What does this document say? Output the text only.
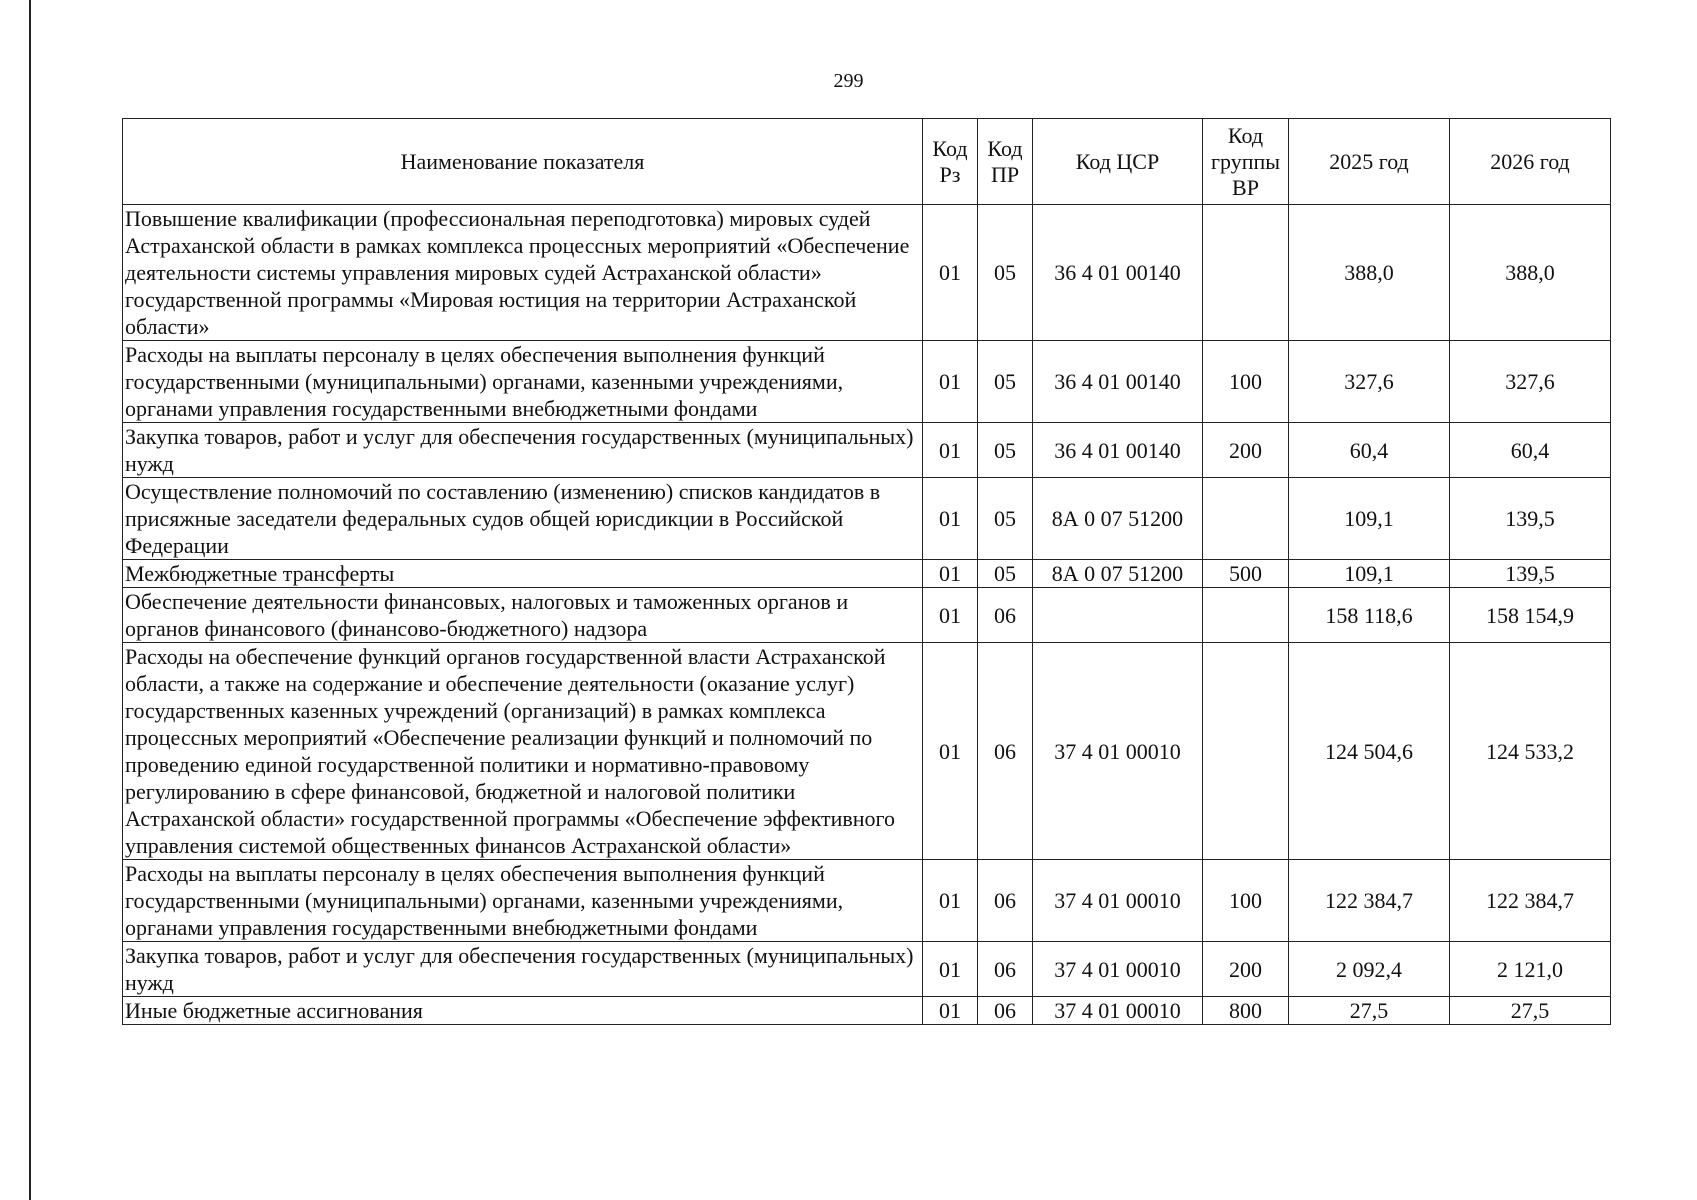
299
Наименование показателя	Код Рз	Код ПР	Код ЦСР	Код группы ВР	2025 год	2026 год
Повышение квалификации (профессиональная переподготовка) мировых судей Астраханской области в рамках комплекса процессных мероприятий «Обеспечение деятельности системы управления мировых судей Астраханской области» государственной программы «Мировая юстиция на территории Астраханской области»	01	05	36 4 01 00140		388,0	388,0
Расходы на выплаты персоналу в целях обеспечения выполнения функций государственными (муниципальными) органами, казенными учреждениями, органами управления государственными внебюджетными фондами	01	05	36 4 01 00140	100	327,6	327,6
Закупка товаров, работ и услуг для обеспечения государственных (муниципальных) нужд	01	05	36 4 01 00140	200	60,4	60,4
Осуществление полномочий по составлению (изменению) списков кандидатов в присяжные заседатели федеральных судов общей юрисдикции в Российской Федерации	01	05	8А 0 07 51200		109,1	139,5
Межбюджетные трансферты	01	05	8А 0 07 51200	500	109,1	139,5
Обеспечение деятельности финансовых, налоговых и таможенных органов и органов финансового (финансово-бюджетного) надзора	01	06			158 118,6	158 154,9
Расходы на обеспечение функций органов государственной власти Астраханской области, а также на содержание и обеспечение деятельности (оказание услуг) государственных казенных учреждений (организаций) в рамках комплекса процессных мероприятий «Обеспечение реализации функций и полномочий по проведению единой государственной политики и нормативно-правовому регулированию в сфере финансовой, бюджетной и налоговой политики Астраханской области» государственной программы «Обеспечение эффективного управления системой общественных финансов Астраханской области»	01	06	37 4 01 00010		124 504,6	124 533,2
Расходы на выплаты персоналу в целях обеспечения выполнения функций государственными (муниципальными) органами, казенными учреждениями, органами управления государственными внебюджетными фондами	01	06	37 4 01 00010	100	122 384,7	122 384,7
Закупка товаров, работ и услуг для обеспечения государственных (муниципальных) нужд	01	06	37 4 01 00010	200	2 092,4	2 121,0
Иные бюджетные ассигнования	01	06	37 4 01 00010	800	27,5	27,5
